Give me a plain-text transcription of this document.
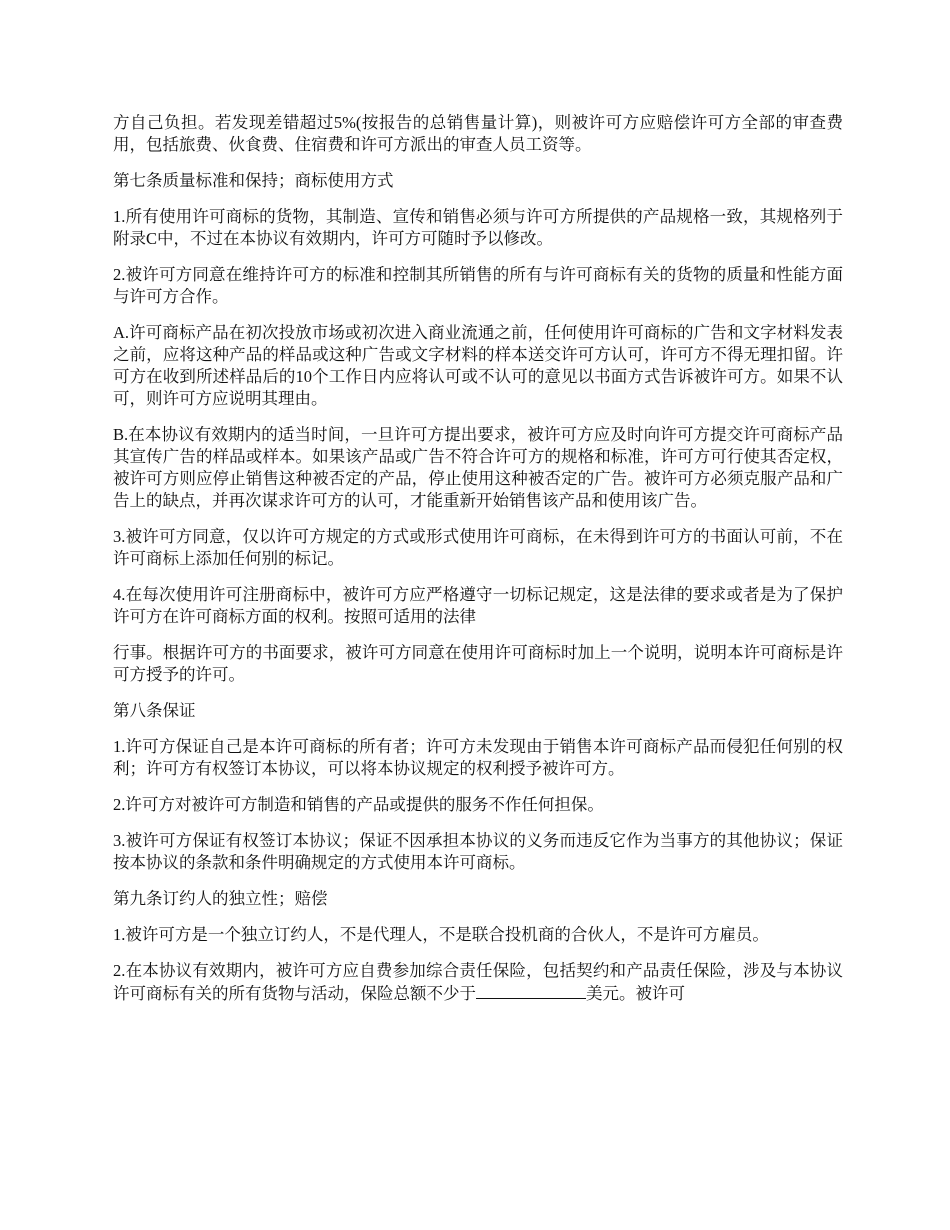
方自己负担。若发现差错超过5%(按报告的总销售量计算)，则被许可方应赔偿许可方全部的审查费用，包括旅费、伙食费、住宿费和许可方派出的审查人员工资等。

第七条质量标准和保持；商标使用方式

1.所有使用许可商标的货物，其制造、宣传和销售必须与许可方所提供的产品规格一致，其规格列于附录C中，不过在本协议有效期内，许可方可随时予以修改。

2.被许可方同意在维持许可方的标准和控制其所销售的所有与许可商标有关的货物的质量和性能方面与许可方合作。

A.许可商标产品在初次投放市场或初次进入商业流通之前，任何使用许可商标的广告和文字材料发表之前，应将这种产品的样品或这种广告或文字材料的样本送交许可方认可，许可方不得无理扣留。许可方在收到所述样品后的10个工作日内应将认可或不认可的意见以书面方式告诉被许可方。如果不认可，则许可方应说明其理由。

B.在本协议有效期内的适当时间，一旦许可方提出要求，被许可方应及时向许可方提交许可商标产品其宣传广告的样品或样本。如果该产品或广告不符合许可方的规格和标准，许可方可行使其否定权，被许可方则应停止销售这种被否定的产品，停止使用这种被否定的广告。被许可方必须克服产品和广告上的缺点，并再次谋求许可方的认可，才能重新开始销售该产品和使用该广告。

3.被许可方同意，仅以许可方规定的方式或形式使用许可商标，在未得到许可方的书面认可前，不在许可商标上添加任何别的标记。

4.在每次使用许可注册商标中，被许可方应严格遵守一切标记规定，这是法律的要求或者是为了保护许可方在许可商标方面的权利。按照可适用的法律

行事。根据许可方的书面要求，被许可方同意在使用许可商标时加上一个说明，说明本许可商标是许可方授予的许可。

第八条保证

1.许可方保证自己是本许可商标的所有者；许可方未发现由于销售本许可商标产品而侵犯任何别的权利；许可方有权签订本协议，可以将本协议规定的权利授予被许可方。

2.许可方对被许可方制造和销售的产品或提供的服务不作任何担保。

3.被许可方保证有权签订本协议；保证不因承担本协议的义务而违反它作为当事方的其他协议；保证按本协议的条款和条件明确规定的方式使用本许可商标。

第九条订约人的独立性；赔偿

1.被许可方是一个独立订约人，不是代理人，不是联合投机商的合伙人，不是许可方雇员。

2.在本协议有效期内，被许可方应自费参加综合责任保险，包括契约和产品责任保险，涉及与本协议许可商标有关的所有货物与活动，保险总额不少于	美元。被许可
